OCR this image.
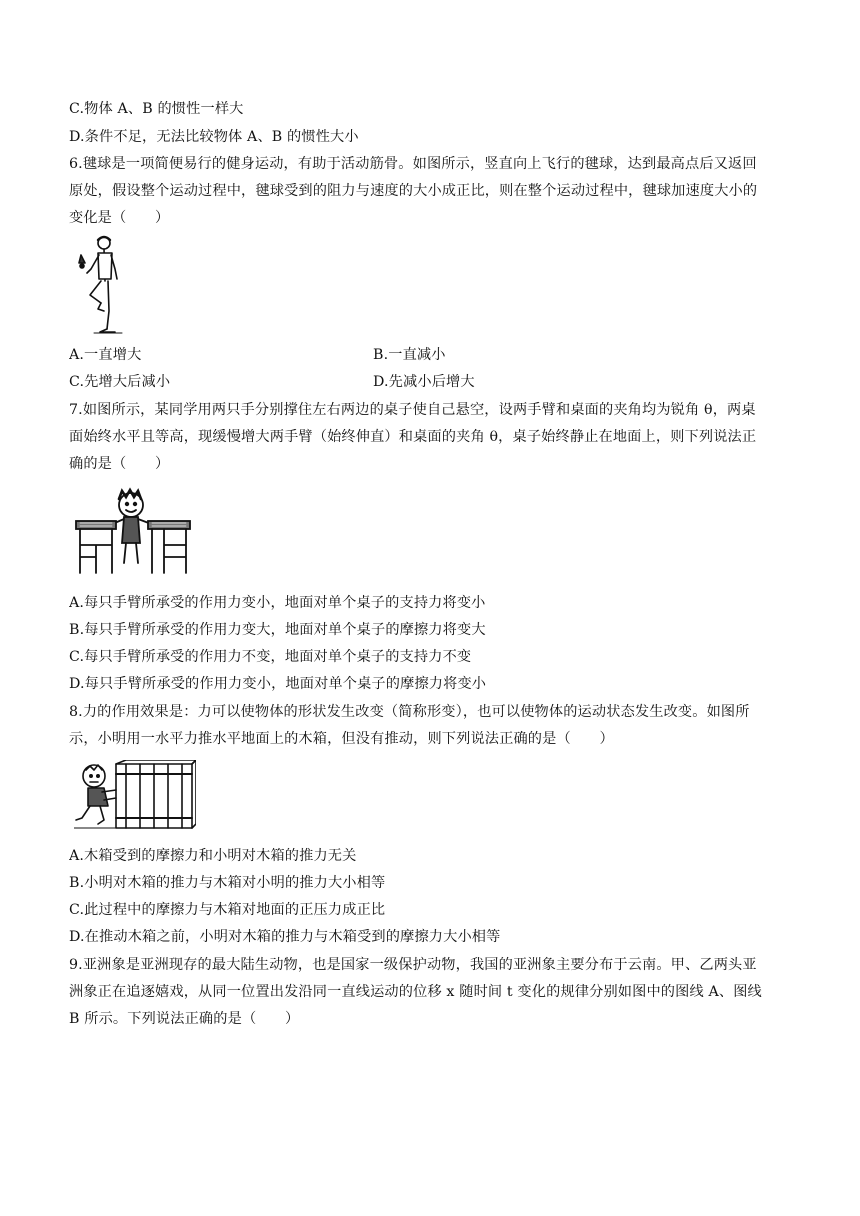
C.物体 A、B 的惯性一样大
D.条件不足，无法比较物体 A、B 的惯性大小
6.毽球是一项简便易行的健身运动，有助于活动筋骨。如图所示，竖直向上飞行的毽球，达到最高点后又返回
原处，假设整个运动过程中，毽球受到的阻力与速度的大小成正比，则在整个运动过程中，毽球加速度大小的
变化是（　　）
A.一直增大	B.一直减小
C.先增大后减小	D.先减小后增大
7.如图所示，某同学用两只手分别撑住左右两边的桌子使自己悬空，设两手臂和桌面的夹角均为锐角 θ，两桌
面始终水平且等高，现缓慢增大两手臂（始终伸直）和桌面的夹角 θ，桌子始终静止在地面上，则下列说法正
确的是（　　）
A.每只手臂所承受的作用力变小，地面对单个桌子的支持力将变小
B.每只手臂所承受的作用力变大，地面对单个桌子的摩擦力将变大
C.每只手臂所承受的作用力不变，地面对单个桌子的支持力不变
D.每只手臂所承受的作用力变小，地面对单个桌子的摩擦力将变小
8.力的作用效果是：力可以使物体的形状发生改变（简称形变），也可以使物体的运动状态发生改变。如图所
示，小明用一水平力推水平地面上的木箱，但没有推动，则下列说法正确的是（　　）
A.木箱受到的摩擦力和小明对木箱的推力无关
B.小明对木箱的推力与木箱对小明的推力大小相等
C.此过程中的摩擦力与木箱对地面的正压力成正比
D.在推动木箱之前，小明对木箱的推力与木箱受到的摩擦力大小相等
9.亚洲象是亚洲现存的最大陆生动物，也是国家一级保护动物，我国的亚洲象主要分布于云南。甲、乙两头亚
洲象正在追逐嬉戏，从同一位置出发沿同一直线运动的位移 x 随时间 t 变化的规律分别如图中的图线 A、图线
B 所示。下列说法正确的是（　　）
